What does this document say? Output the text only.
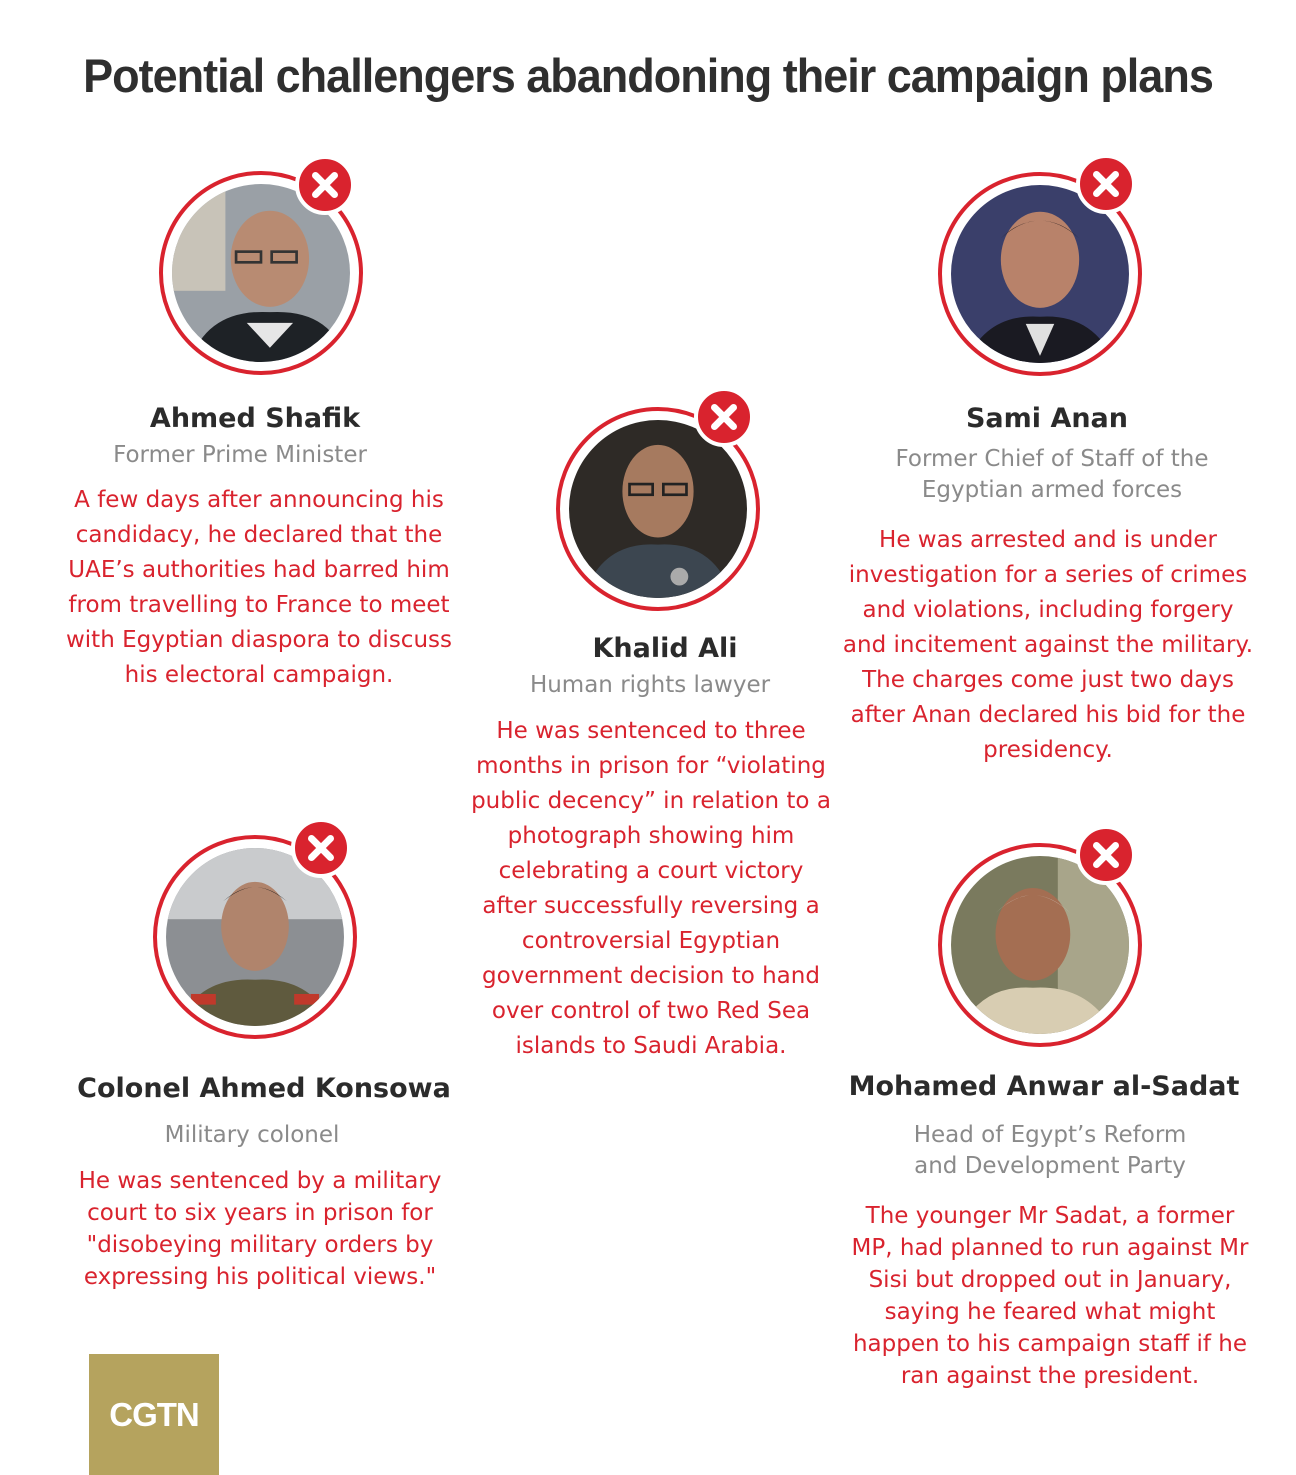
Potential challengers abandoning their campaign plans
Ahmed Shafik
Former Prime Minister
A few days after announcing his candidacy, he declared that the UAE’s authorities had barred him from travelling to France to meet with Egyptian diaspora to discuss his electoral campaign.
Khalid Ali
Human rights lawyer
He was sentenced to three months in prison for “violating public decency” in relation to a photograph showing him celebrating a court victory after successfully reversing a controversial Egyptian government decision to hand over control of two Red Sea islands to Saudi Arabia.
Sami Anan
Former Chief of Staff of the
Egyptian armed forces
He was arrested and is under investigation for a series of crimes and violations, including forgery and incitement against the military. The charges come just two days after Anan declared his bid for the presidency.
Colonel Ahmed Konsowa
Military colonel
He was sentenced by a military court to six years in prison for "disobeying military orders by expressing his political views."
Mohamed Anwar al-Sadat
Head of Egypt’s Reform
and Development Party
The younger Mr Sadat, a former MP, had planned to run against Mr Sisi but dropped out in January, saying he feared what might happen to his campaign staff if he ran against the president.
CGTN
